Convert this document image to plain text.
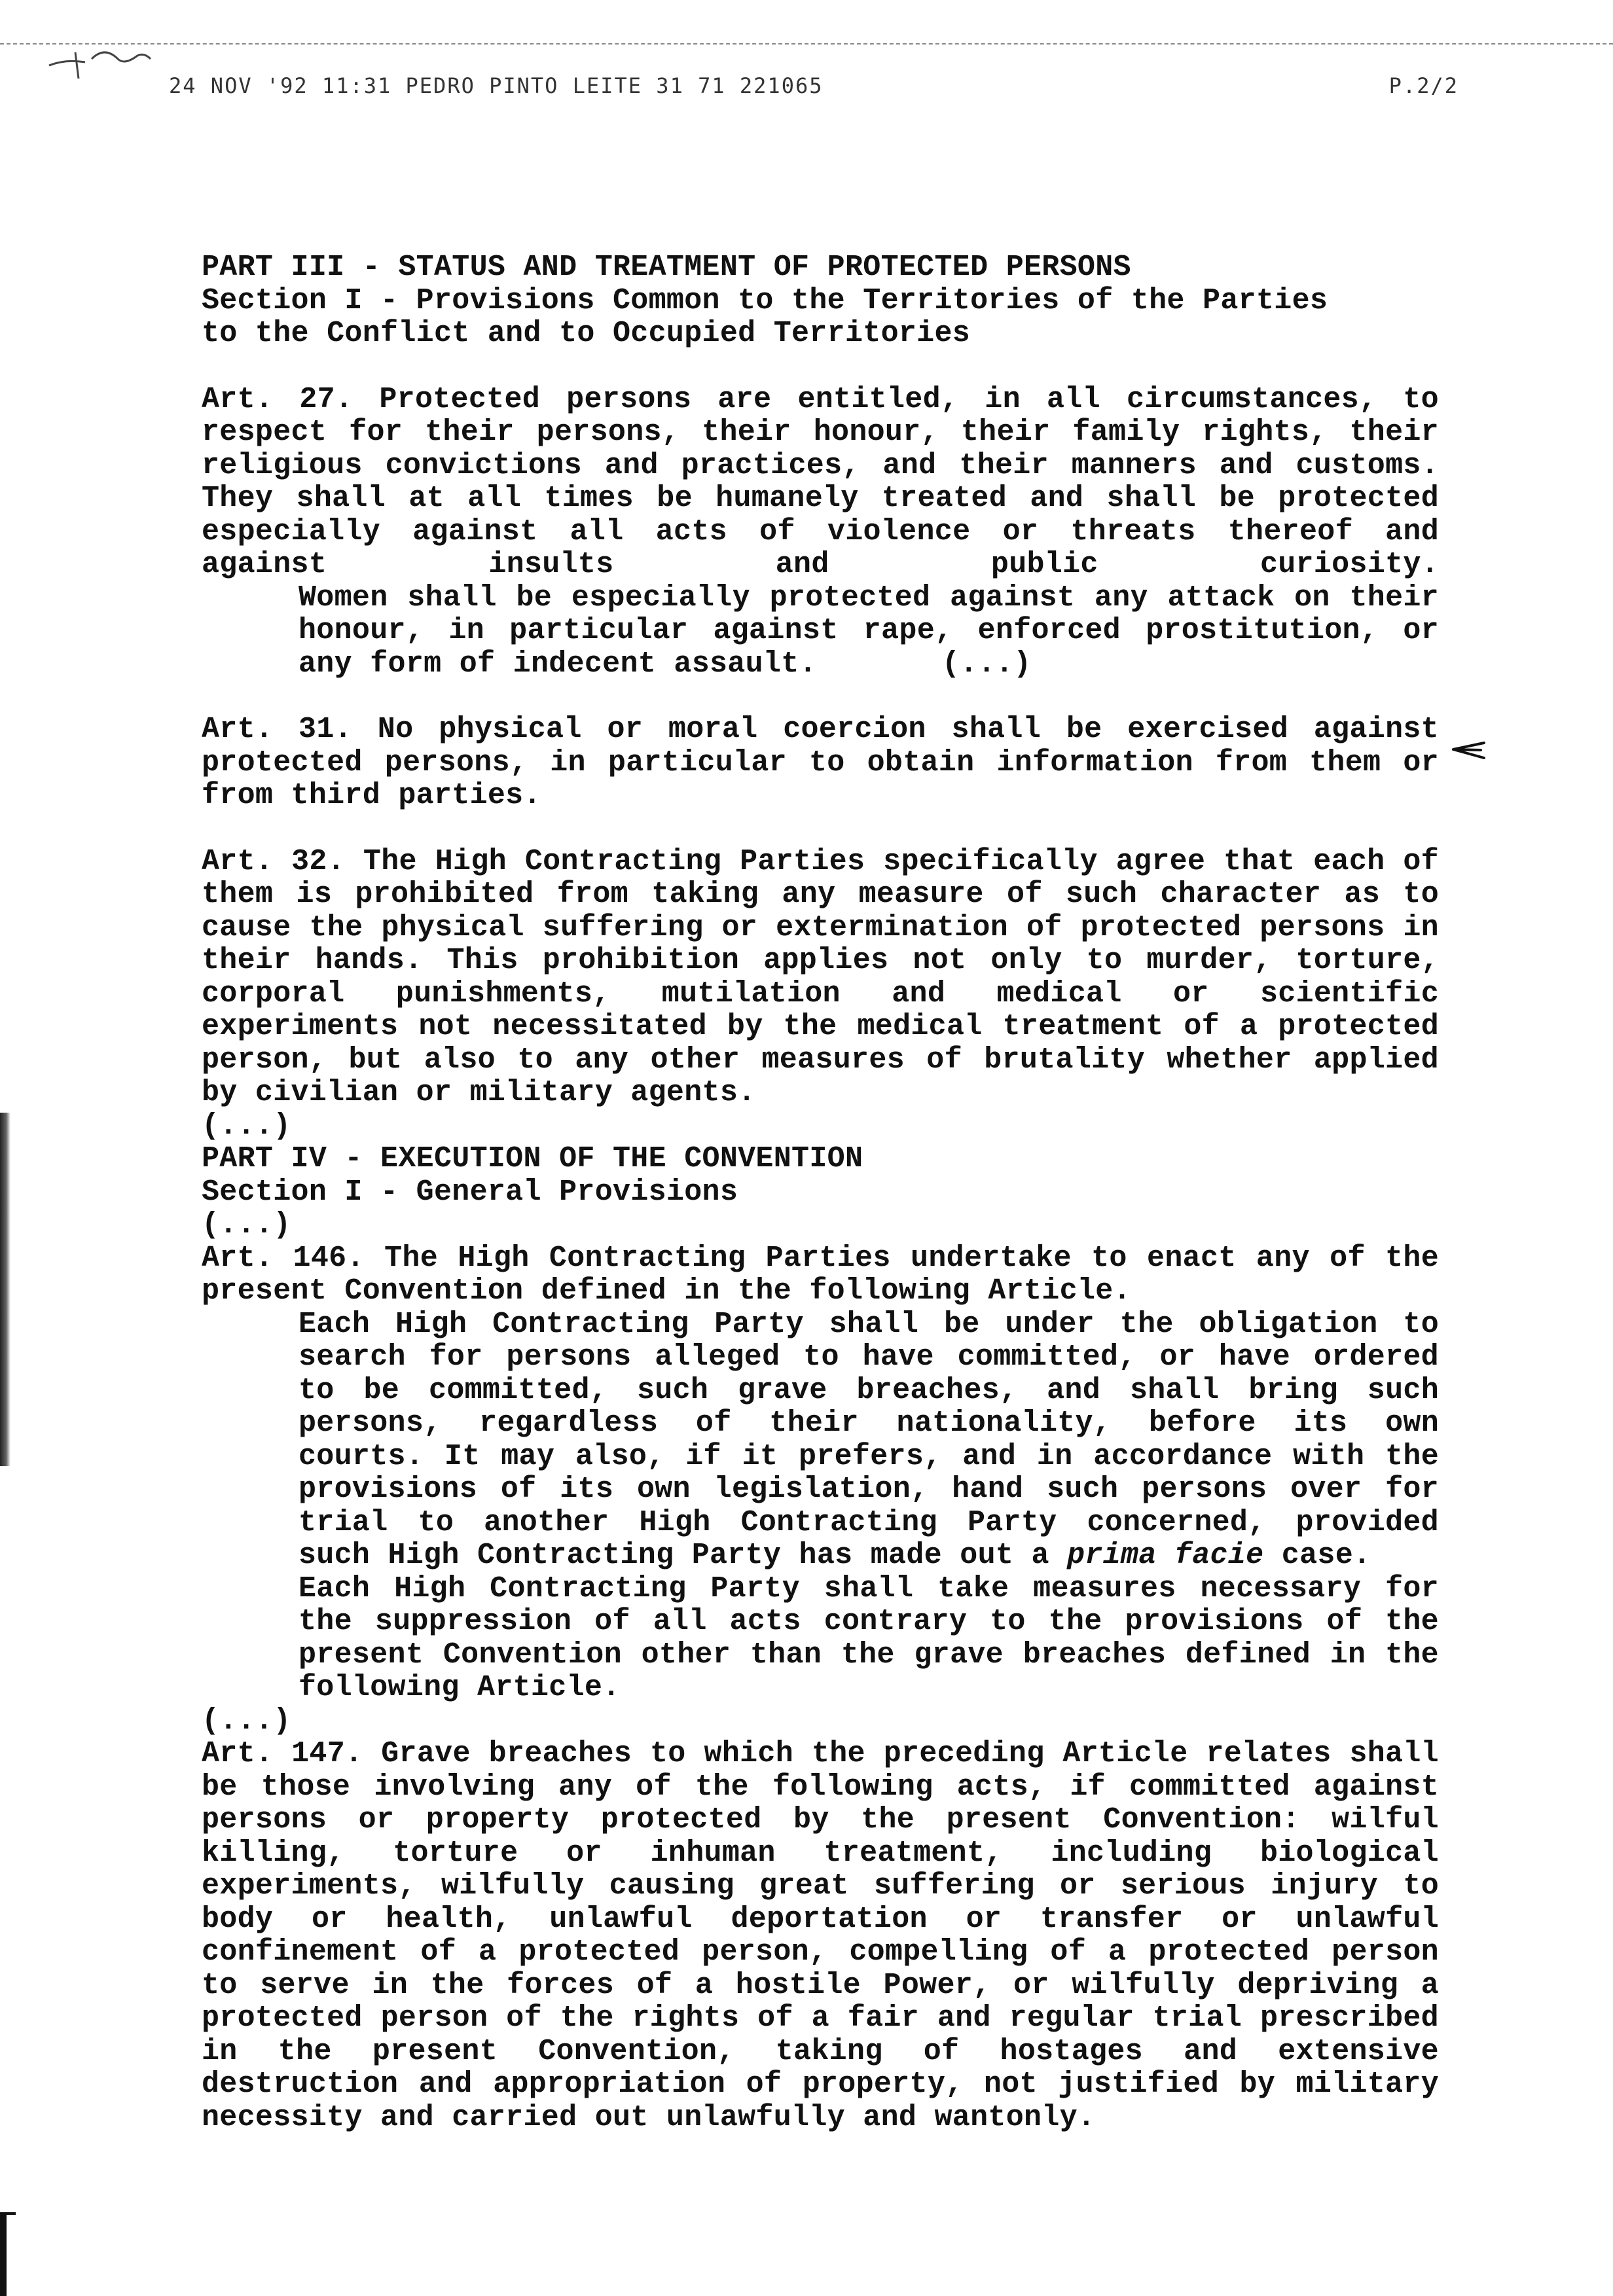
24 NOV '92 11:31 PEDRO PINTO LEITE 31 71 221065	P.2/2
PART III - STATUS AND TREATMENT OF PROTECTED PERSONS
Section I - Provisions Common to the Territories of the Parties
to the Conflict and to Occupied Territories
Art. 27. Protected persons are entitled, in all circumstances, to respect for their persons, their honour, their family rights, their religious convictions and practices, and their manners and customs. They shall at all times be humanely treated and shall be protected especially against all acts of violence or threats thereof and against insults and public curiosity.
Women shall be especially protected against any attack on their honour, in particular against rape, enforced prostitution, or any form of indecent assault.	(...)
Art. 31. No physical or moral coercion shall be exercised against protected persons, in particular to obtain information from them or from third parties.
Art. 32. The High Contracting Parties specifically agree that each of them is prohibited from taking any measure of such character as to cause the physical suffering or extermination of protected persons in their hands. This prohibition applies not only to murder, torture, corporal punishments, mutilation and medical or scientific experiments not necessitated by the medical treatment of a protected person, but also to any other measures of brutality whether applied by civilian or military agents.
(...)
PART IV - EXECUTION OF THE CONVENTION
Section I - General Provisions
(...)
Art. 146. The High Contracting Parties undertake to enact any of the present Convention defined in the following Article.
Each High Contracting Party shall be under the obligation to search for persons alleged to have committed, or have ordered to be committed, such grave breaches, and shall bring such persons, regardless of their nationality, before its own courts. It may also, if it prefers, and in accordance with the provisions of its own legislation, hand such persons over for trial to another High Contracting Party concerned, provided such High Contracting Party has made out a prima facie case.
Each High Contracting Party shall take measures necessary for the suppression of all acts contrary to the provisions of the present Convention other than the grave breaches defined in the following Article.
(...)
Art. 147. Grave breaches to which the preceding Article relates shall be those involving any of the following acts, if committed against persons or property protected by the present Convention: wilful killing, torture or inhuman treatment, including biological experiments, wilfully causing great suffering or serious injury to body or health, unlawful deportation or transfer or unlawful confinement of a protected person, compelling of a protected person to serve in the forces of a hostile Power, or wilfully depriving a protected person of the rights of a fair and regular trial prescribed in the present Convention, taking of hostages and extensive destruction and appropriation of property, not justified by military necessity and carried out unlawfully and wantonly.
